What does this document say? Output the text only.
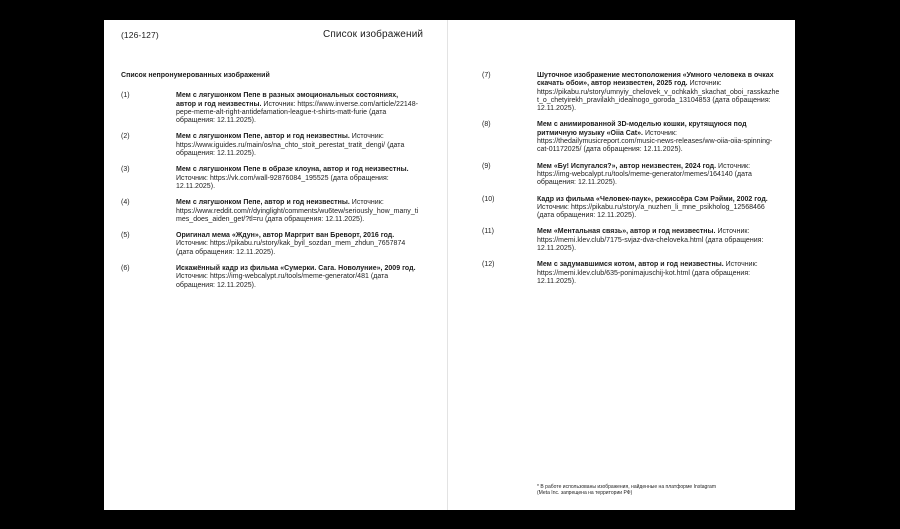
(126-127)	Список изображений
Список непронумерованных изображений
(1)	Мем с лягушонком Пепе в разных эмоциональных состояниях, автор и год неизвестны. Источник: https://www.inverse.com/article/22148-pepe-meme-alt-right-antidefamation-league-t-shirts-matt-furie (дата обращения: 12.11.2025).
(2)	Мем с лягушонком Пепе, автор и год неизвестны. Источник: https://www.iguides.ru/main/os/na_chto_stoit_perestat_tratit_dengi/ (дата обращения: 12.11.2025).
(3)	Мем с лягушонком Пепе в образе клоуна, автор и год неизвестны. Источник: https://vk.com/wall-92876084_195525 (дата обращения: 12.11.2025).
(4)	Мем с лягушонком Пепе, автор и год неизвестны. Источник: https://www.reddit.com/r/dyinglight/comments/wu6tew/seriously_how_many_times_does_aiden_get/?tl=ru (дата обращения: 12.11.2025).
(5)	Оригинал мема «Ждун», автор Маргрит ван Бреворт, 2016 год. Источник: https://pikabu.ru/story/kak_byil_sozdan_mem_zhdun_7657874 (дата обращения: 12.11.2025).
(6)	Искажённый кадр из фильма «Сумерки. Сага. Новолуние», 2009 год. Источник: https://img-webcalypt.ru/tools/meme-generator/481 (дата обращения: 12.11.2025).
(7)	Шуточное изображение местоположения «Умного человека в очках скачать обои», автор неизвестен, 2025 год. Источник: https://pikabu.ru/story/umnyiy_chelovek_v_ochkakh_skachat_oboi_rasskazhet_o_chetyirekh_pravilakh_idealnogo_goroda_13104853 (дата обращения: 12.11.2025).
(8)	Мем с анимированной 3D-моделью кошки, крутящуюся под ритмичную музыку «Oiia Cat». Источник: https://thedailymusicreport.com/music-news-releases/ww-oiia-oiia-spinning-cat-01172025/ (дата обращения: 12.11.2025).
(9)	Мем «Бу! Испугался?», автор неизвестен, 2024 год. Источник: https://img-webcalypt.ru/tools/meme-generator/memes/164140 (дата обращения: 12.11.2025).
(10)	Кадр из фильма «Человек-паук», режиссёра Сэм Рэйми, 2002 год. Источник: https://pikabu.ru/story/a_nuzhen_li_mne_psikholog_12568466 (дата обращения: 12.11.2025).
(11)	Мем «Ментальная связь», автор и год неизвестны. Источник: https://memi.klev.club/7175-svjaz-dva-cheloveka.html (дата обращения: 12.11.2025).
(12)	Мем с задумавшимся котом, автор и год неизвестны. Источник: https://memi.klev.club/635-ponimajuschij-kot.html (дата обращения: 12.11.2025).
* В работе использованы изображения, найденные на платформе Instagram
(Meta Inc. запрещена на территории РФ)
